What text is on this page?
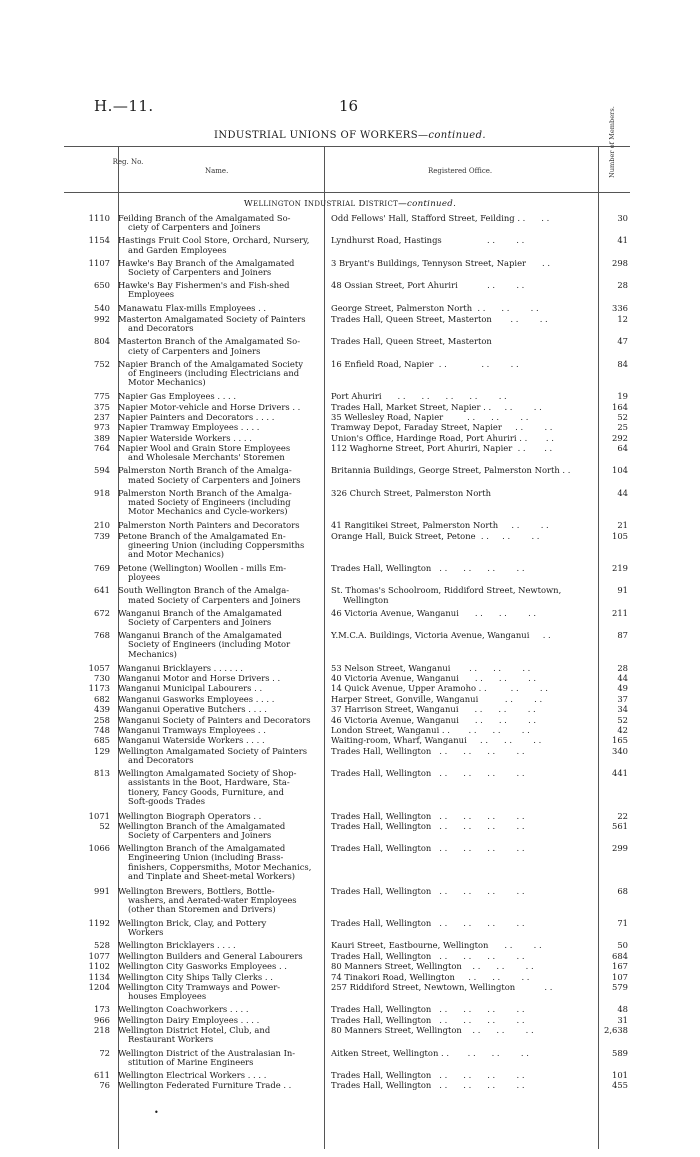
H.—11.	16
INDUSTRIAL UNIONS OF WORKERS—continued.
Reg. No.
Name.	Registered Office.	Number of Members.
WELLINGTON INDUSTRIAL DISTRICT—continued.
1110 Feilding Branch of the Amalgamated So-
ciety of Carpenters and Joiners
Odd Fellows' Hall, Stafford Street, Feilding . .      . .	30
1154 Hastings Fruit Cool Store, Orchard, Nursery,
and Garden Employees
Lyndhurst Road, Hastings                 . .        . .	41
1107 Hawke's Bay Branch of the Amalgamated
Society of Carpenters and Joiners
3 Bryant's Buildings, Tennyson Street, Napier      . .	298
650 Hawke's Bay Fishermen's and Fish-shed
Employees
48 Ossian Street, Port Ahuriri           . .        . .	28
540 Manawatu Flax-mills Employees . .	George Street, Palmerston North  . .      . .        . .	336
992 Masterton Amalgamated Society of Painters
and Decorators
Trades Hall, Queen Street, Masterton       . .        . .	12
804 Masterton Branch of the Amalgamated So-
ciety of Carpenters and Joiners
Trades Hall, Queen Street, Masterton	47
752 Napier Branch of the Amalgamated Society
of Engineers (including Electricians and
Motor Mechanics)
16 Enfield Road, Napier  . .             . .        . .	84
775 Napier Gas Employees . . . .	Port Ahuriri      . .      . .      . .      . .        . .	19
375 Napier Motor-vehicle and Horse Drivers . .	Trades Hall, Market Street, Napier . .     . .        . .	164
237 Napier Painters and Decorators . . . .	35 Wellesley Road, Napier         . .      . .        . .	52
973 Napier Tramway Employees . . . .	Tramway Depot, Faraday Street, Napier     . .        . .	25
389 Napier Waterside Workers . . . .	Union's Office, Hardinge Road, Port Ahuriri . .       . .	292
764 Napier Wool and Grain Store Employees
and Wholesale Merchants' Storemen
112 Waghorne Street, Port Ahuriri, Napier  . .       . .	64
594 Palmerston North Branch of the Amalga-
mated Society of Carpenters and Joiners
Britannia Buildings, George Street, Palmerston North . .	104
918 Palmerston North Branch of the Amalga-
mated Society of Engineers (including
Motor Mechanics and Cycle-workers)
326 Church Street, Palmerston North	44
210 Palmerston North Painters and Decorators	41 Rangitikei Street, Palmerston North     . .        . .	21
739 Petone Branch of the Amalgamated En-
gineering Union (including Coppersmiths
and Motor Mechanics)
Orange Hall, Buick Street, Petone  . .     . .        . .	105
769 Petone (Wellington) Woollen - mills Em-
ployees
Trades Hall, Wellington   . .      . .      . .        . .	219
641 South Wellington Branch of the Amalga-
mated Society of Carpenters and Joiners
St. Thomas's Schoolroom, Riddiford Street, Newtown,
Wellington
91
672 Wanganui Branch of the Amalgamated
Society of Carpenters and Joiners
46 Victoria Avenue, Wanganui      . .      . .        . .	211
768 Wanganui Branch of the Amalgamated
Society of Engineers (including Motor
Mechanics)
Y.M.C.A. Buildings, Victoria Avenue, Wanganui     . .	87
1057 Wanganui Bricklayers . . . . . .	53 Nelson Street, Wanganui       . .      . .        . .	28
730 Wanganui Motor and Horse Drivers . .	40 Victoria Avenue, Wanganui      . .      . .        . .	44
1173 Wanganui Municipal Labourers . .	14 Quick Avenue, Upper Aramoho . .         . .        . .	49
682 Wanganui Gasworks Employees . . . .	Harper Street, Gonville, Wanganui          . .        . .	37
439 Wanganui Operative Butchers . . . .	37 Harrison Street, Wanganui      . .      . .        . .	34
258 Wanganui Society of Painters and Decorators	46 Victoria Avenue, Wanganui      . .      . .        . .	52
748 Wanganui Tramways Employees . .	London Street, Wanganui . .       . .      . .        . .	42
685 Wanganui Waterside Workers . . . .	Waiting-room, Wharf, Wanganui     . .      . .        . .	165
129 Wellington Amalgamated Society of Painters
and Decorators
Trades Hall, Wellington   . .      . .      . .        . .	340
813 Wellington Amalgamated Society of Shop-
assistants in the Boot, Hardware, Sta-
tionery, Fancy Goods, Furniture, and
Soft-goods Trades
Trades Hall, Wellington   . .      . .      . .        . .	441
1071 Wellington Biograph Operators . .	Trades Hall, Wellington   . .      . .      . .        . .	22
52 Wellington Branch of the Amalgamated
Society of Carpenters and Joiners
Trades Hall, Wellington   . .      . .      . .        . .	561
1066 Wellington Branch of the Amalgamated
Engineering Union (including Brass-
finishers, Coppersmiths, Motor Mechanics,
and Tinplate and Sheet-metal Workers)
Trades Hall, Wellington   . .      . .      . .        . .	299
991 Wellington Brewers, Bottlers, Bottle-
washers, and Aerated-water Employees
(other than Storemen and Drivers)
Trades Hall, Wellington   . .      . .      . .        . .	68
1192 Wellington Brick, Clay, and Pottery
Workers
Trades Hall, Wellington   . .      . .      . .        . .	71
528 Wellington Bricklayers . . . .	Kauri Street, Eastbourne, Wellington      . .        . .	50
1077 Wellington Builders and General Labourers	Trades Hall, Wellington   . .      . .      . .        . .	684
1102 Wellington City Gasworks Employees . .	80 Manners Street, Wellington    . .      . .        . .	167
1134 Wellington City Ships Tally Clerks . .	74 Tinakori Road, Wellington     . .      . .        . .	107
1204 Wellington City Tramways and Power-
houses Employees
257 Riddiford Street, Newtown, Wellington           . .	579
173 Wellington Coachworkers . . . .	Trades Hall, Wellington   . .      . .      . .        . .	48
966 Wellington Dairy Employees . . . .	Trades Hall, Wellington   . .      . .      . .        . .	31
218 Wellington District Hotel, Club, and
Restaurant Workers
80 Manners Street, Wellington    . .      . .        . .	2,638
72 Wellington District of the Australasian In-
stitution of Marine Engineers
Aitken Street, Wellington . .       . .      . .        . .	589
611 Wellington Electrical Workers . . . .	Trades Hall, Wellington   . .      . .      . .        . .	101
76 Wellington Federated Furniture Trade . .	Trades Hall, Wellington   . .      . .      . .        . .	455
•
